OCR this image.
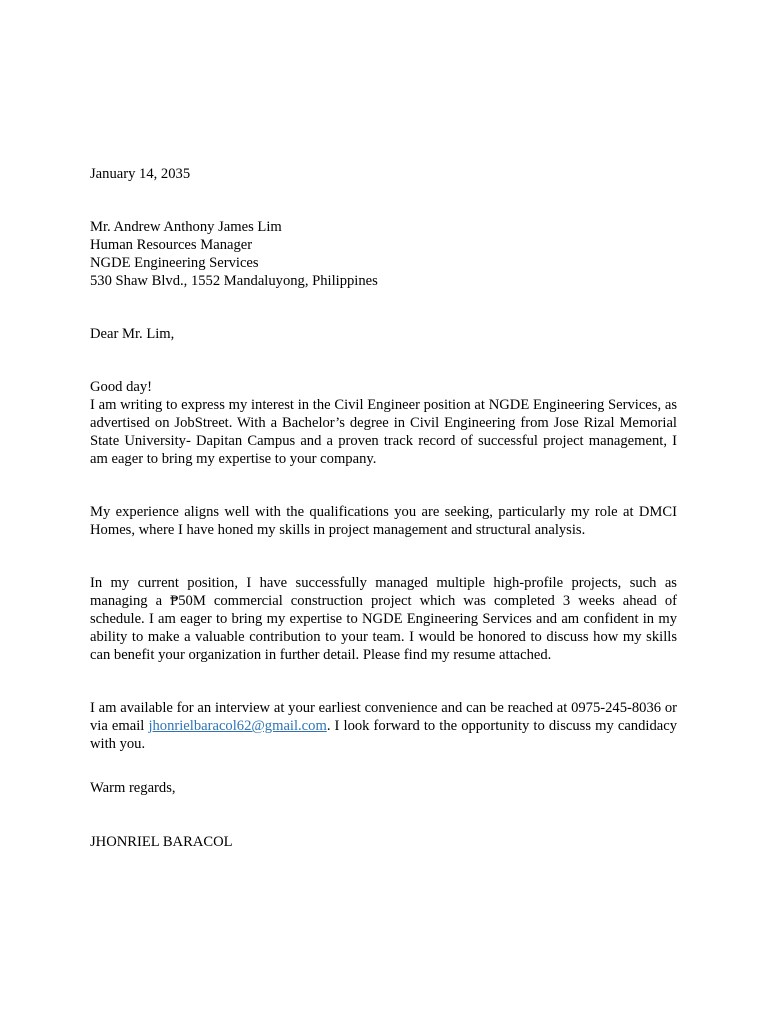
January 14, 2035
Mr. Andrew Anthony James Lim
Human Resources Manager
NGDE Engineering Services
530 Shaw Blvd., 1552 Mandaluyong, Philippines
Dear Mr. Lim,
Good day!

I am writing to express my interest in the Civil Engineer position at NGDE Engineering Services, as advertised on JobStreet. With a Bachelor’s degree in Civil Engineering from Jose Rizal Memorial State University- Dapitan Campus and a proven track record of successful project management, I am eager to bring my expertise to your company.

My experience aligns well with the qualifications you are seeking, particularly my role at DMCI Homes, where I have honed my skills in project management and structural analysis.

In my current position, I have successfully managed multiple high-profile projects, such as managing a ₱50M commercial construction project which was completed 3 weeks ahead of schedule. I am eager to bring my expertise to NGDE Engineering Services and am confident in my ability to make a valuable contribution to your team. I would be honored to discuss how my skills can benefit your organization in further detail. Please find my resume attached.

I am available for an interview at your earliest convenience and can be reached at 0975-245-8036 or via email jhonrielbaracol62@gmail.com. I look forward to the opportunity to discuss my candidacy with you.

Warm regards,
JHONRIEL BARACOL
